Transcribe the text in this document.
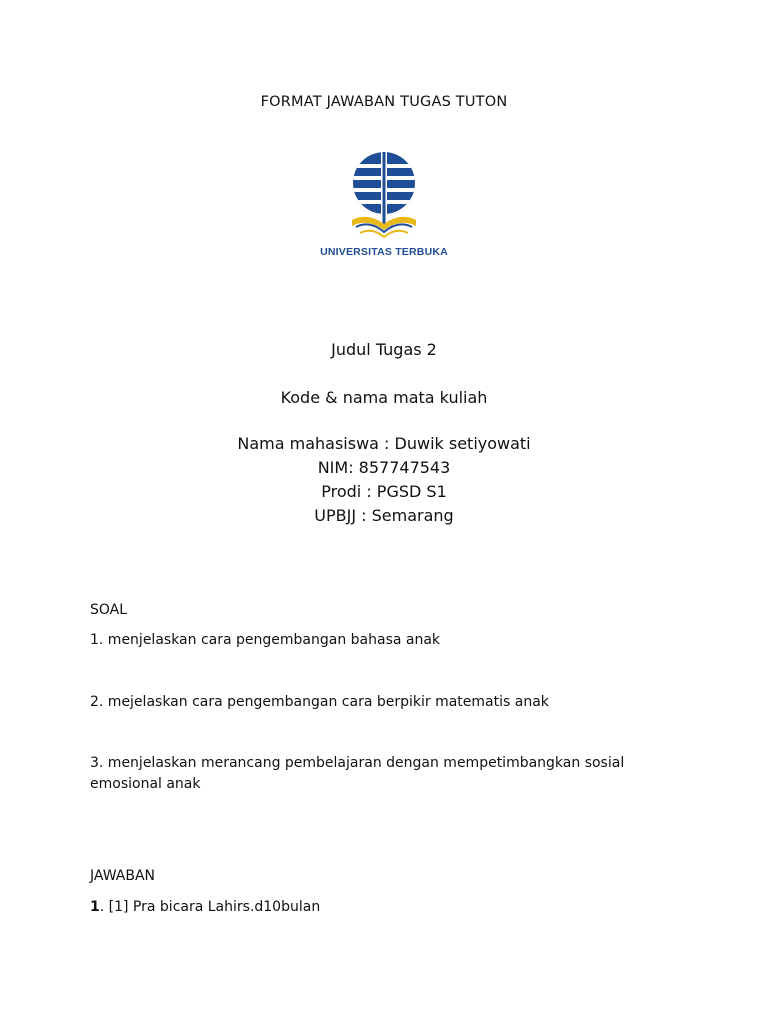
FORMAT JAWABAN TUGAS TUTON
UNIVERSITAS TERBUKA
Judul Tugas 2
Kode & nama mata kuliah
Nama mahasiswa : Duwik setiyowati
NIM: 857747543
Prodi : PGSD S1
UPBJJ : Semarang
SOAL
1. menjelaskan cara pengembangan bahasa anak
2. mejelaskan cara pengembangan cara berpikir matematis anak
3. menjelaskan merancang pembelajaran dengan mempetimbangkan sosial emosional anak
JAWABAN
1. [1] Pra bicara Lahirs.d10bulan
